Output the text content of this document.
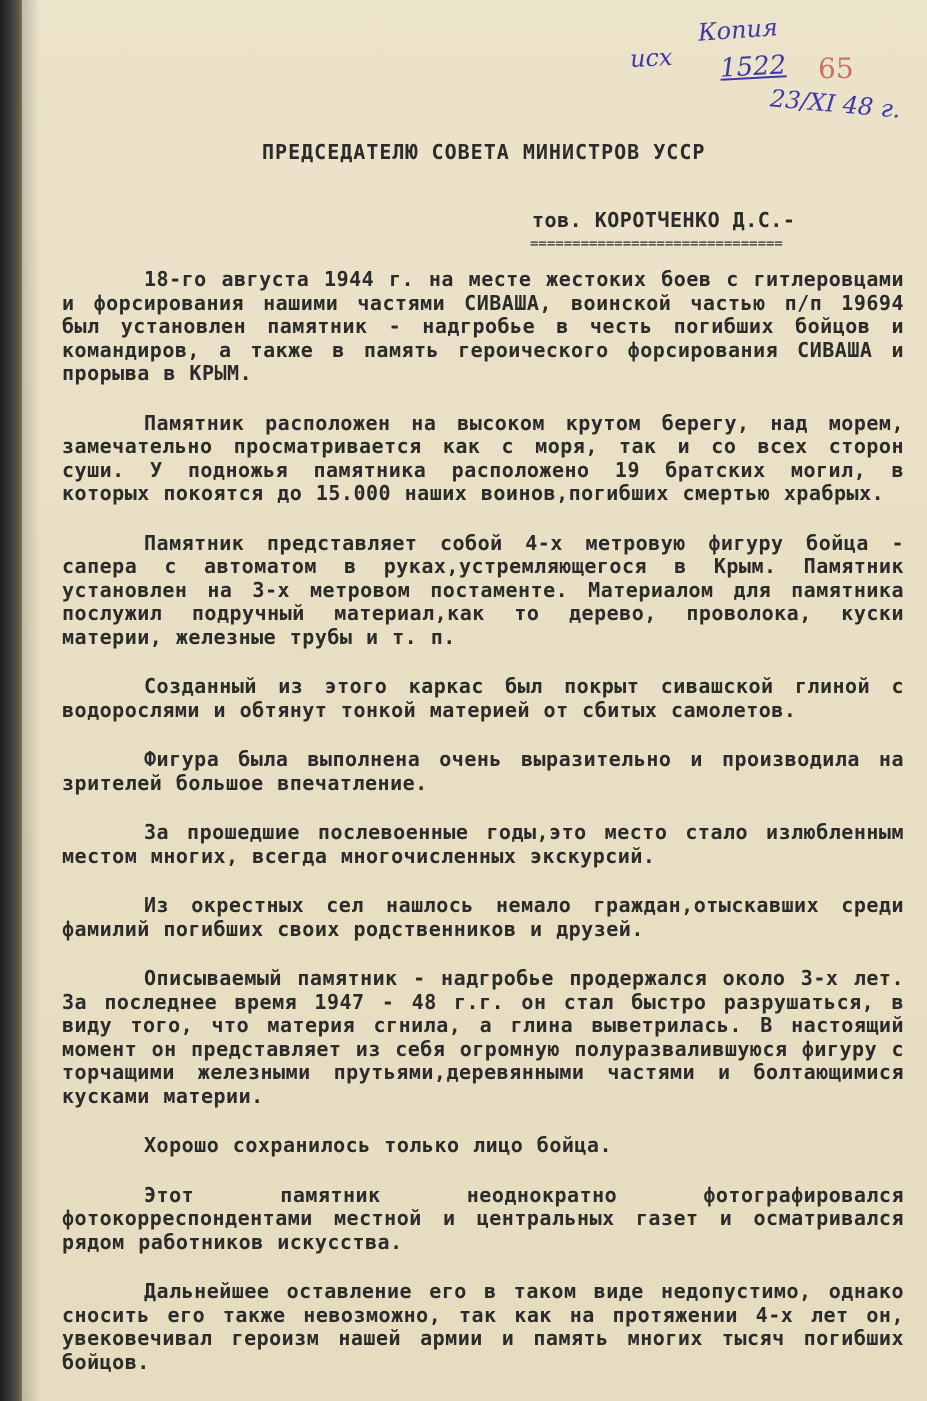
Копия
исх 1522
23/ХІ 48 г.
65
ПРЕДСЕДАТЕЛЮ СОВЕТА МИНИСТРОВ УССР
тов. КОРОТЧЕНКО Д.С.-
==============================

18-го августа 1944 г. на месте жестоких боев с гитлеровцами и форсирования нашими частями СИВАША, воинской частью п/п 19694 был установлен памятник - надгробье в честь погибших бойцов и командиров, а также в память героического форсирования СИВАША и прорыва в КРЫМ.

Памятник расположен на высоком крутом берегу, над морем, замечательно просматривается как с моря, так и со всех сторон суши. У подножья памятника расположено 19 братских могил, в которых покоятся до 15.000 наших воинов,погибших смертью храбрых.

Памятник представляет собой 4-х метровую фигуру бойца - сапера с автоматом в руках,устремляющегося в Крым. Памятник установлен на 3-х метровом постаменте. Материалом для памятника послужил подручный материал,как то дерево, проволока, куски материи, железные трубы и т. п.

Созданный из этого каркас был покрыт сивашской глиной с водорослями и обтянут тонкой материей от сбитых самолетов.

Фигура была выполнена очень выразительно и производила на зрителей большое впечатление.

За прошедшие послевоенные годы,это место стало излюбленным местом многих, всегда многочисленных экскурсий.

Из окрестных сел нашлось немало граждан,отыскавших среди фамилий погибших своих родственников и друзей.

Описываемый памятник - надгробье продержался около 3-х лет. За последнее время 1947 - 48 г.г. он стал быстро разрушаться, в виду того, что материя сгнила, а глина выветрилась. В настоящий момент он представляет из себя огромную полуразвалившуюся фигуру с торчащими железными прутьями,деревянными частями и болтающимися кусками материи.

Хорошо сохранилось только лицо бойца.

Этот памятник неоднократно фотографировался фотокорреспондентами местной и центральных газет и осматривался рядом работников искусства.

Дальнейшее оставление его в таком виде недопустимо, однако сносить его также невозможно, так как на протяжении 4-х лет он, увековечивал героизм нашей армии и память многих тысяч погибших бойцов.
